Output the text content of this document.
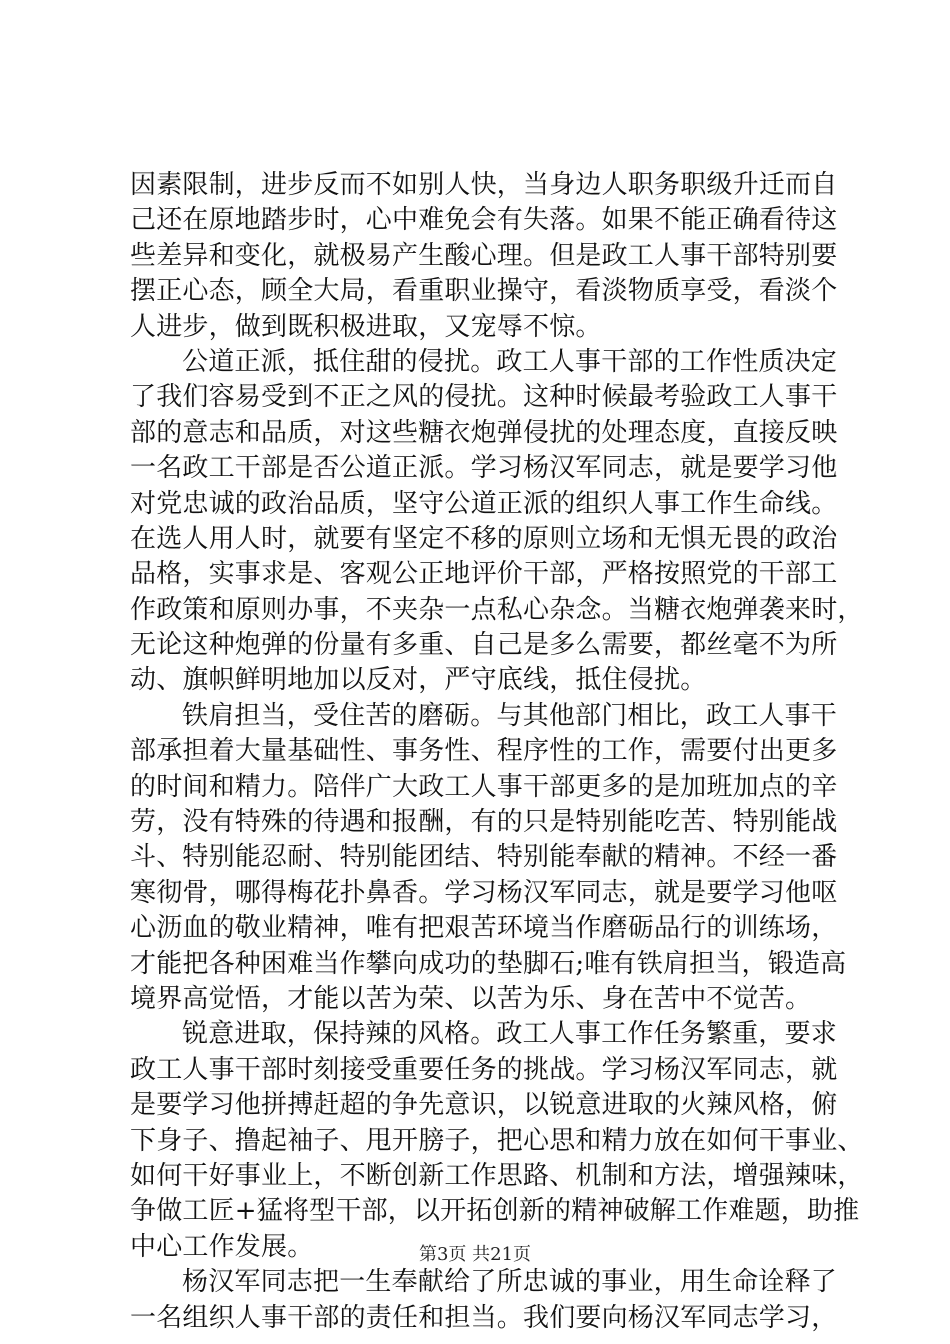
因素限制，进步反而不如别人快，当身边人职务职级升迁而自
己还在原地踏步时，心中难免会有失落。如果不能正确看待这
些差异和变化，就极易产生酸心理。但是政工人事干部特别要
摆正心态，顾全大局，看重职业操守，看淡物质享受，看淡个
人进步，做到既积极进取，又宠辱不惊。
公道正派，抵住甜的侵扰。政工人事干部的工作性质决定
了我们容易受到不正之风的侵扰。这种时候最考验政工人事干
部的意志和品质，对这些糖衣炮弹侵扰的处理态度，直接反映
一名政工干部是否公道正派。学习杨汉军同志，就是要学习他
对党忠诚的政治品质，坚守公道正派的组织人事工作生命线。
在选人用人时，就要有坚定不移的原则立场和无惧无畏的政治
品格，实事求是、客观公正地评价干部，严格按照党的干部工
作政策和原则办事，不夹杂一点私心杂念。当糖衣炮弹袭来时，
无论这种炮弹的份量有多重、自己是多么需要，都丝毫不为所
动、旗帜鲜明地加以反对，严守底线，抵住侵扰。
铁肩担当，受住苦的磨砺。与其他部门相比，政工人事干
部承担着大量基础性、事务性、程序性的工作，需要付出更多
的时间和精力。陪伴广大政工人事干部更多的是加班加点的辛
劳，没有特殊的待遇和报酬，有的只是特别能吃苦、特别能战
斗、特别能忍耐、特别能团结、特别能奉献的精神。不经一番
寒彻骨，哪得梅花扑鼻香。学习杨汉军同志，就是要学习他呕
心沥血的敬业精神，唯有把艰苦环境当作磨砺品行的训练场，
才能把各种困难当作攀向成功的垫脚石;唯有铁肩担当，锻造高
境界高觉悟，才能以苦为荣、以苦为乐、身在苦中不觉苦。
锐意进取，保持辣的风格。政工人事工作任务繁重，要求
政工人事干部时刻接受重要任务的挑战。学习杨汉军同志，就
是要学习他拼搏赶超的争先意识，以锐意进取的火辣风格，俯
下身子、撸起袖子、甩开膀子，把心思和精力放在如何干事业、
如何干好事业上，不断创新工作思路、机制和方法，增强辣味，
争做工匠+猛将型干部，以开拓创新的精神破解工作难题，助推
中心工作发展。
杨汉军同志把一生奉献给了所忠诚的事业，用生命诠释了
一名组织人事干部的责任和担当。我们要向杨汉军同志学习，
第3页 共21页
